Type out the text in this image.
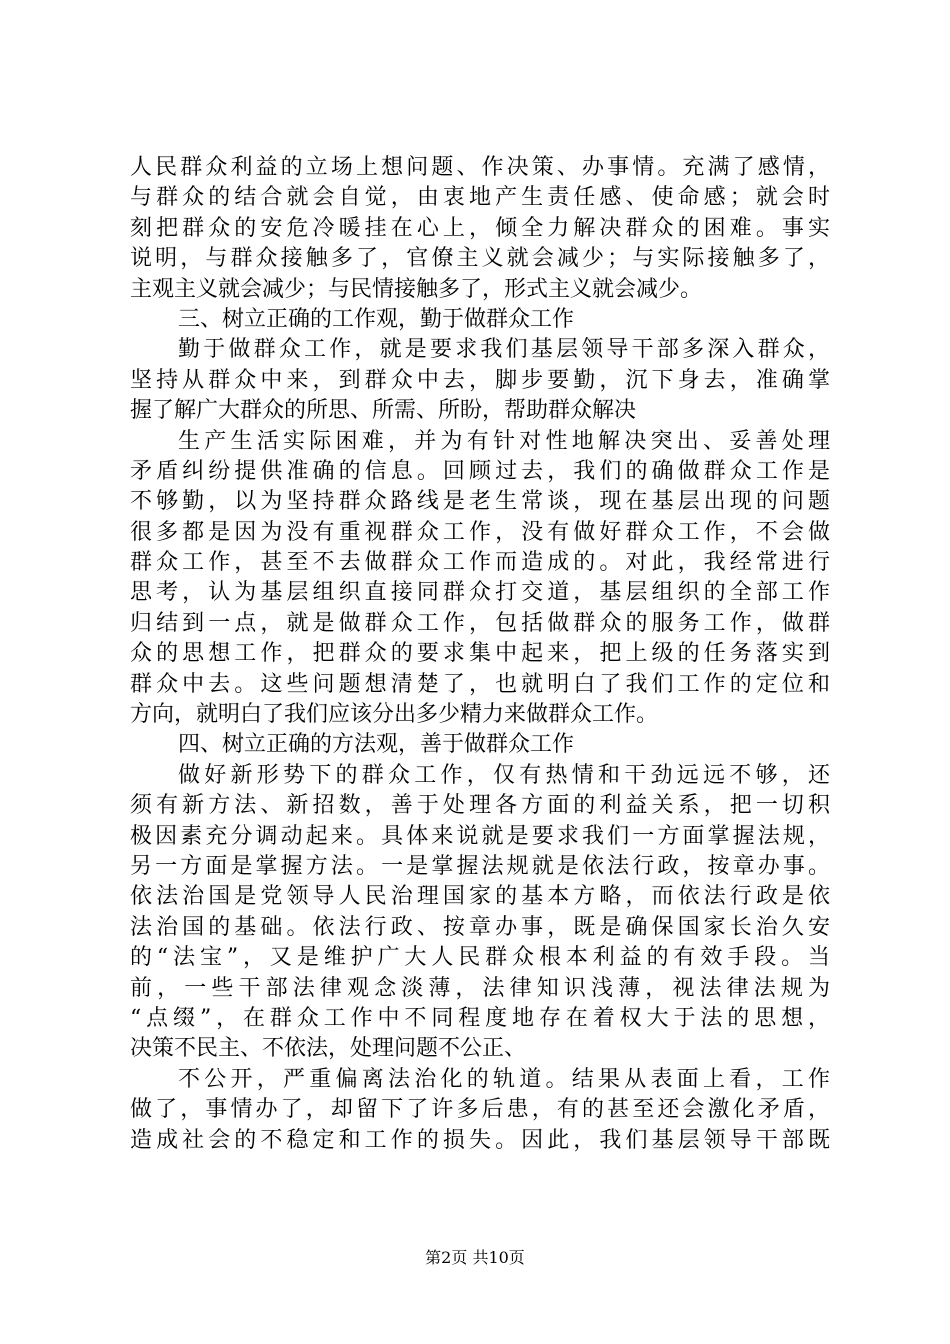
人民群众利益的立场上想问题、作决策、办事情。充满了感情，
与群众的结合就会自觉，由衷地产生责任感、使命感；就会时
刻把群众的安危冷暖挂在心上，倾全力解决群众的困难。事实
说明，与群众接触多了，官僚主义就会减少；与实际接触多了，
主观主义就会减少；与民情接触多了，形式主义就会减少。
三、树立正确的工作观，勤于做群众工作
勤于做群众工作，就是要求我们基层领导干部多深入群众，
坚持从群众中来，到群众中去，脚步要勤，沉下身去，准确掌
握了解广大群众的所思、所需、所盼，帮助群众解决
生产生活实际困难，并为有针对性地解决突出、妥善处理
矛盾纠纷提供准确的信息。回顾过去，我们的确做群众工作是
不够勤，以为坚持群众路线是老生常谈，现在基层出现的问题
很多都是因为没有重视群众工作，没有做好群众工作，不会做
群众工作，甚至不去做群众工作而造成的。对此，我经常进行
思考，认为基层组织直接同群众打交道，基层组织的全部工作
归结到一点，就是做群众工作，包括做群众的服务工作，做群
众的思想工作，把群众的要求集中起来，把上级的任务落实到
群众中去。这些问题想清楚了，也就明白了我们工作的定位和
方向，就明白了我们应该分出多少精力来做群众工作。
四、树立正确的方法观，善于做群众工作
做好新形势下的群众工作，仅有热情和干劲远远不够，还
须有新方法、新招数，善于处理各方面的利益关系，把一切积
极因素充分调动起来。具体来说就是要求我们一方面掌握法规，
另一方面是掌握方法。一是掌握法规就是依法行政，按章办事。
依法治国是党领导人民治理国家的基本方略，而依法行政是依
法治国的基础。依法行政、按章办事，既是确保国家长治久安
的“法宝”，又是维护广大人民群众根本利益的有效手段。当
前，一些干部法律观念淡薄，法律知识浅薄，视法律法规为
“点缀”，在群众工作中不同程度地存在着权大于法的思想，
决策不民主、不依法，处理问题不公正、
不公开，严重偏离法治化的轨道。结果从表面上看，工作
做了，事情办了，却留下了许多后患，有的甚至还会激化矛盾，
造成社会的不稳定和工作的损失。因此，我们基层领导干部既
第2页 共10页
